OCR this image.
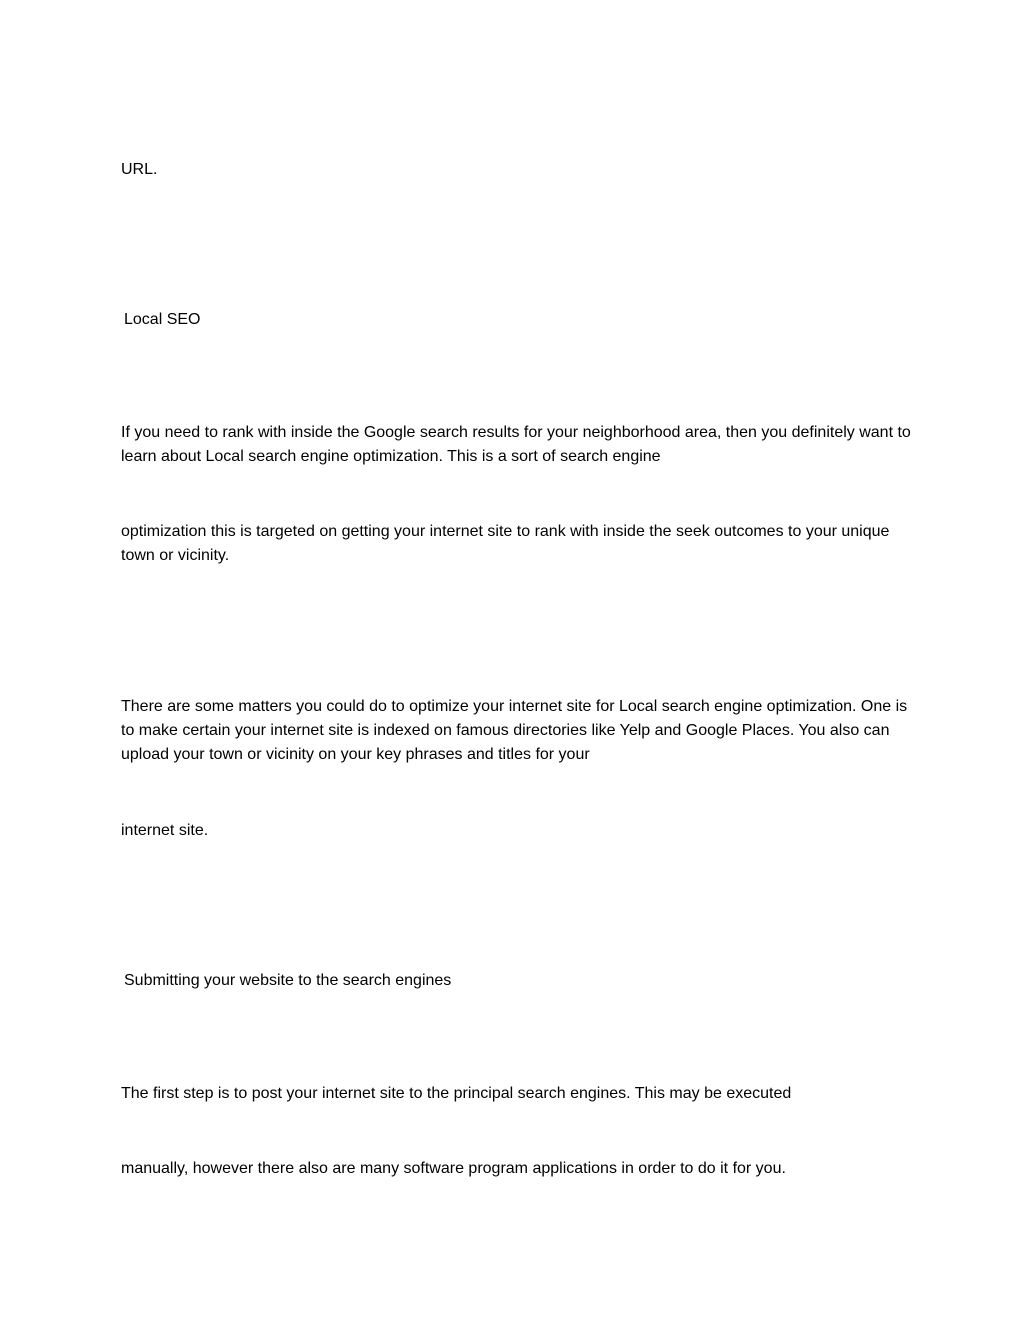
URL.
Local SEO
If you need to rank with inside the Google search results for your neighborhood area, then you definitely want to learn about Local search engine optimization. This is a sort of search engine
optimization this is targeted on getting your internet site to rank with inside the seek outcomes to your unique town or vicinity.
There are some matters you could do to optimize your internet site for Local search engine optimization. One is to make certain your internet site is indexed on famous directories like Yelp and Google Places. You also can upload your town or vicinity on your key phrases and titles for your
internet site.
Submitting your website to the search engines
The first step is to post your internet site to the principal search engines. This may be executed
manually, however there also are many software program applications in order to do it for you.
